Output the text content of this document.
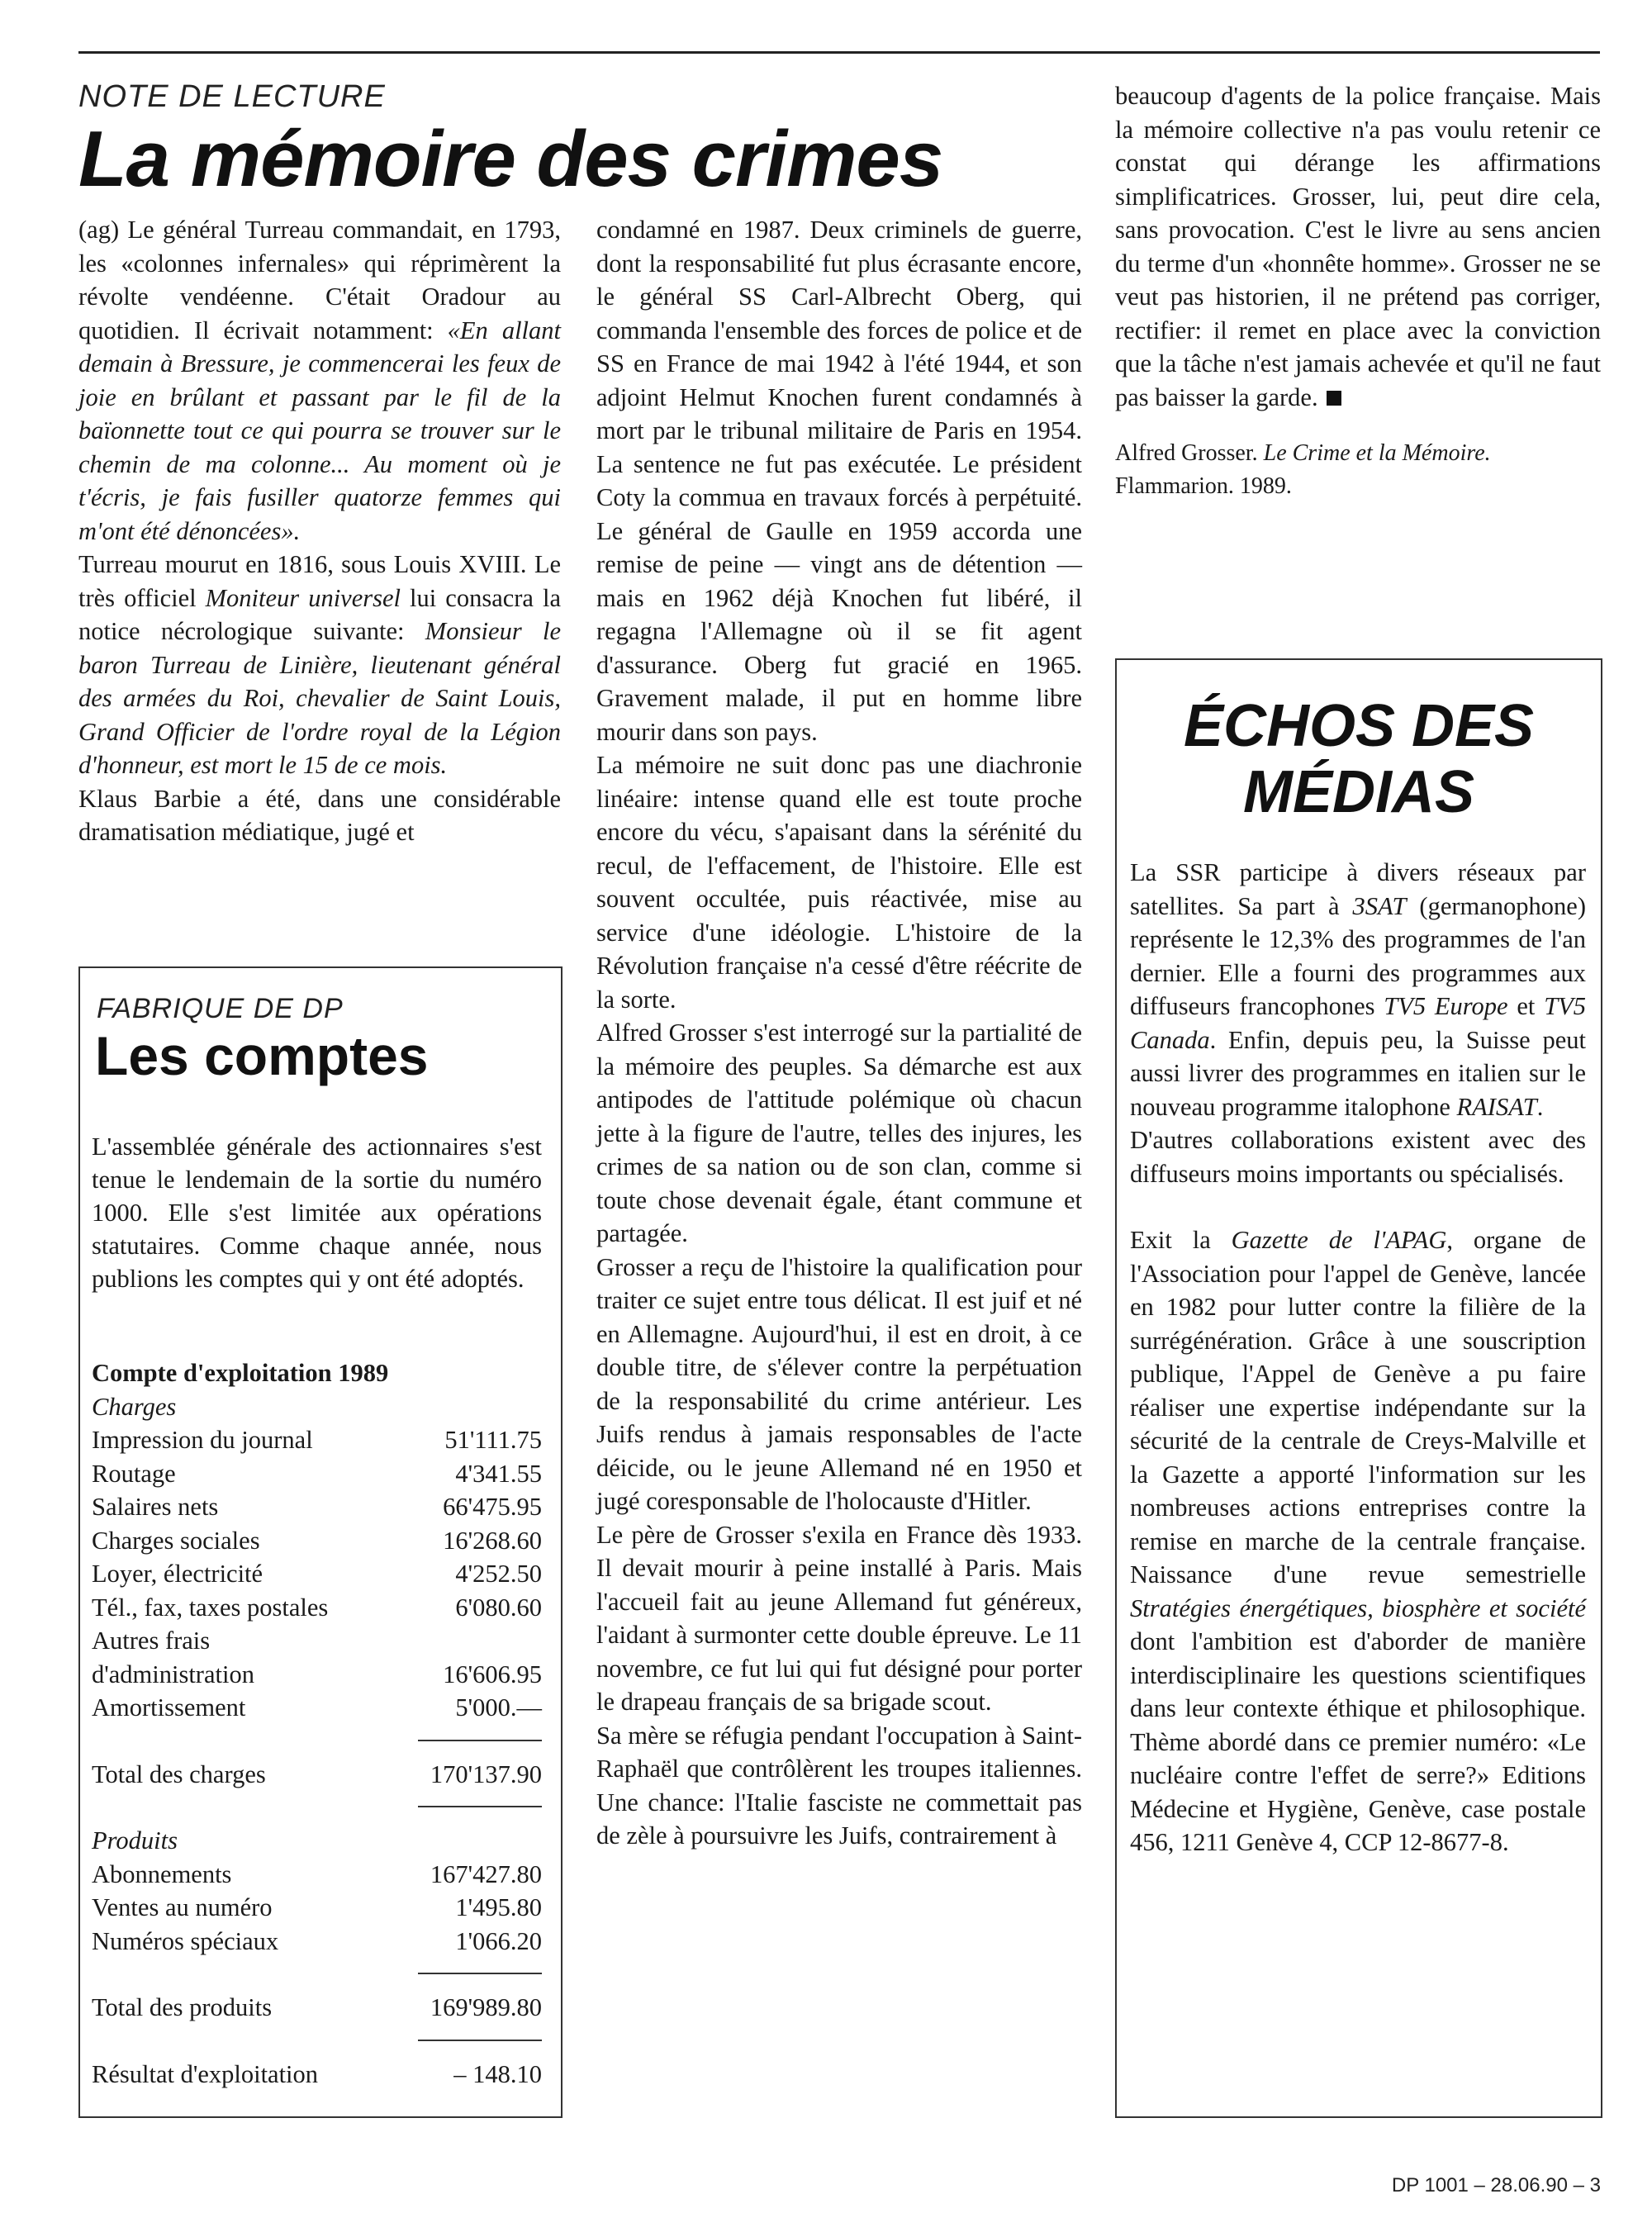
NOTE DE LECTURE
La mémoire des crimes

(ag) Le général Turreau commandait, en 1793, les «colonnes infernales» qui réprimèrent la révolte vendéenne. C'était Oradour au quotidien. Il écrivait notamment: «En allant demain à Bressure, je commencerai les feux de joie en brûlant et passant par le fil de la baïonnette tout ce qui pourra se trouver sur le chemin de ma colonne... Au moment où je t'écris, je fais fusiller quatorze femmes qui m'ont été dénoncées».

Turreau mourut en 1816, sous Louis XVIII. Le très officiel Moniteur universel lui consacra la notice nécrologique suivante: Monsieur le baron Turreau de Linière, lieutenant général des armées du Roi, chevalier de Saint Louis, Grand Officier de l'ordre royal de la Légion d'honneur, est mort le 15 de ce mois.

Klaus Barbie a été, dans une considérable dramatisation médiatique, jugé et

condamné en 1987. Deux criminels de guerre, dont la responsabilité fut plus écrasante encore, le général SS Carl-Albrecht Oberg, qui commanda l'ensemble des forces de police et de SS en France de mai 1942 à l'été 1944, et son adjoint Helmut Knochen furent condamnés à mort par le tribunal militaire de Paris en 1954. La sentence ne fut pas exécutée. Le président Coty la commua en travaux forcés à perpétuité. Le général de Gaulle en 1959 accorda une remise de peine — vingt ans de détention — mais en 1962 déjà Knochen fut libéré, il regagna l'Allemagne où il se fit agent d'assurance. Oberg fut gracié en 1965. Gravement malade, il put en homme libre mourir dans son pays.

La mémoire ne suit donc pas une diachronie linéaire: intense quand elle est toute proche encore du vécu, s'apaisant dans la sérénité du recul, de l'effacement, de l'histoire. Elle est souvent occultée, puis réactivée, mise au service d'une idéologie. L'histoire de la Révolution française n'a cessé d'être réécrite de la sorte.

Alfred Grosser s'est interrogé sur la partialité de la mémoire des peuples. Sa démarche est aux antipodes de l'attitude polémique où chacun jette à la figure de l'autre, telles des injures, les crimes de sa nation ou de son clan, comme si toute chose devenait égale, étant commune et partagée.

Grosser a reçu de l'histoire la qualification pour traiter ce sujet entre tous délicat. Il est juif et né en Allemagne. Aujourd'hui, il est en droit, à ce double titre, de s'élever contre la perpétuation de la responsabilité du crime antérieur. Les Juifs rendus à jamais responsables de l'acte déicide, ou le jeune Allemand né en 1950 et jugé coresponsable de l'holocauste d'Hitler.

Le père de Grosser s'exila en France dès 1933. Il devait mourir à peine installé à Paris. Mais l'accueil fait au jeune Allemand fut généreux, l'aidant à surmonter cette double épreuve. Le 11 novembre, ce fut lui qui fut désigné pour porter le drapeau français de sa brigade scout.

Sa mère se réfugia pendant l'occupation à Saint-Raphaël que contrôlèrent les troupes italiennes. Une chance: l'Italie fasciste ne commettait pas de zèle à poursuivre les Juifs, contrairement à

beaucoup d'agents de la police française. Mais la mémoire collective n'a pas voulu retenir ce constat qui dérange les affirmations simplificatrices. Grosser, lui, peut dire cela, sans provocation. C'est le livre au sens ancien du terme d'un «honnête homme». Grosser ne se veut pas historien, il ne prétend pas corriger, rectifier: il remet en place avec la conviction que la tâche n'est jamais achevée et qu'il ne faut pas baisser la garde.

Alfred Grosser. Le Crime et la Mémoire. Flammarion. 1989.

FABRIQUE DE DP
Les comptes

L'assemblée générale des actionnaires s'est tenue le lendemain de la sortie du numéro 1000. Elle s'est limitée aux opérations statutaires. Comme chaque année, nous publions les comptes qui y ont été adoptés.

Compte d'exploitation 1989
Charges
Impression du journal	51'111.75
Routage	4'341.55
Salaires nets	66'475.95
Charges sociales	16'268.60
Loyer, électricité	4'252.50
Tél., fax, taxes postales	6'080.60
Autres frais
d'administration	16'606.95
Amortissement	5'000.—
Total des charges	170'137.90
Produits
Abonnements	167'427.80
Ventes au numéro	1'495.80
Numéros spéciaux	1'066.20
Total des produits	169'989.80
Résultat d'exploitation	– 148.10
ÉCHOS DES
MÉDIAS

La SSR participe à divers réseaux par satellites. Sa part à 3SAT (germanophone) représente le 12,3% des programmes de l'an dernier. Elle a fourni des programmes aux diffuseurs francophones TV5 Europe et TV5 Canada. Enfin, depuis peu, la Suisse peut aussi livrer des programmes en italien sur le nouveau programme italophone RAISAT.

D'autres collaborations existent avec des diffuseurs moins importants ou spécialisés.

Exit la Gazette de l'APAG, organe de l'Association pour l'appel de Genève, lancée en 1982 pour lutter contre la filière de la surrégénération. Grâce à une souscription publique, l'Appel de Genève a pu faire réaliser une expertise indépendante sur la sécurité de la centrale de Creys-Malville et la Gazette a apporté l'information sur les nombreuses actions entreprises contre la remise en marche de la centrale française. Naissance d'une revue semestrielle Stratégies énergétiques, biosphère et société dont l'ambition est d'aborder de manière interdisciplinaire les questions scientifiques dans leur contexte éthique et philosophique. Thème abordé dans ce premier numéro: «Le nucléaire contre l'effet de serre?» Editions Médecine et Hygiène, Genève, case postale 456, 1211 Genève 4, CCP 12-8677-8.

DP 1001 – 28.06.90 – 3
